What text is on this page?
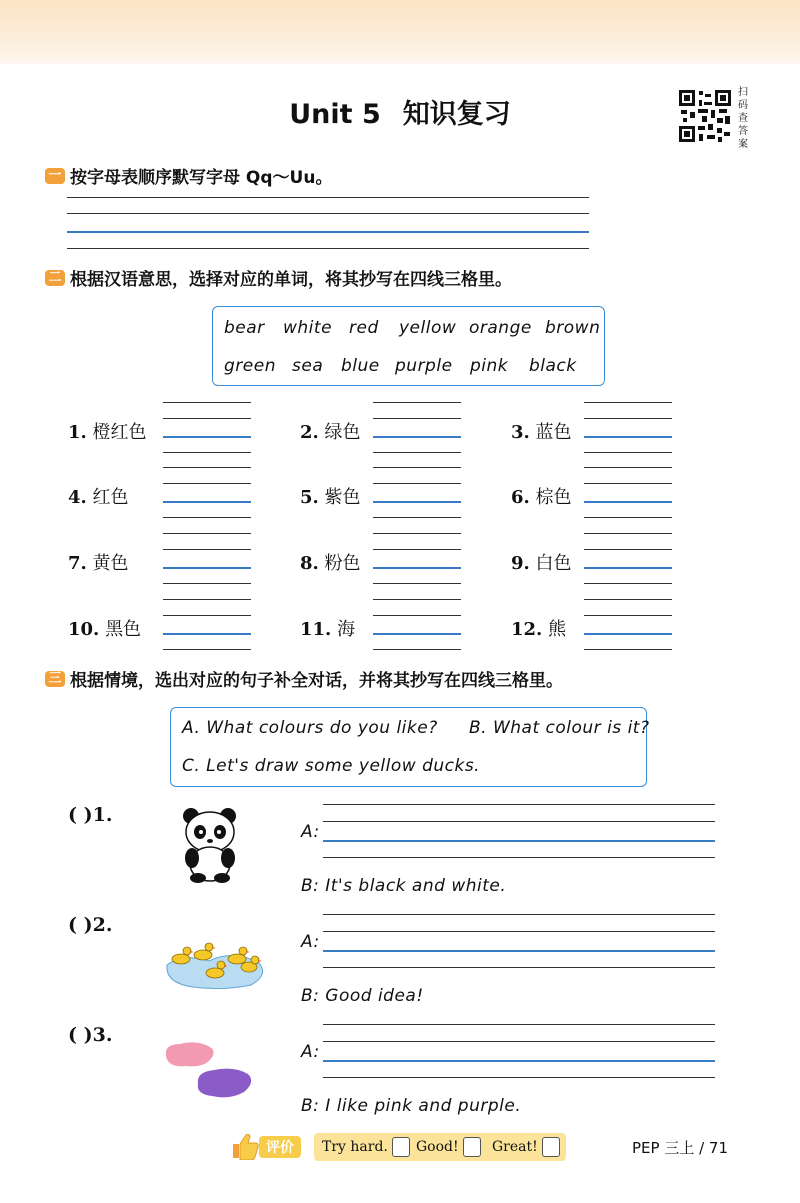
Unit 5 知识复习
扫码查答案
一 按字母表顺序默写字母 Qq～Uu。
二 根据汉语意思，选择对应的单词，将其抄写在四线三格里。
bear white red yellow orange brown
green sea blue purple pink black
1. 橙红色	2. 绿色	3. 蓝色
4. 红色	5. 紫色	6. 棕色
7. 黄色	8. 粉色	9. 白色
10. 黑色	11. 海	12. 熊
三 根据情境，选出对应的句子补全对话，并将其抄写在四线三格里。
A. What colours do you like? B. What colour is it?
C. Let's draw some yellow ducks.
( )1.
( )2.
( )3.
A:
B: It's black and white.
A:
B: Good idea!
A:
B: I like pink and purple.
评价	Try hard.	Good!	Great!	PEP 三上 / 71
